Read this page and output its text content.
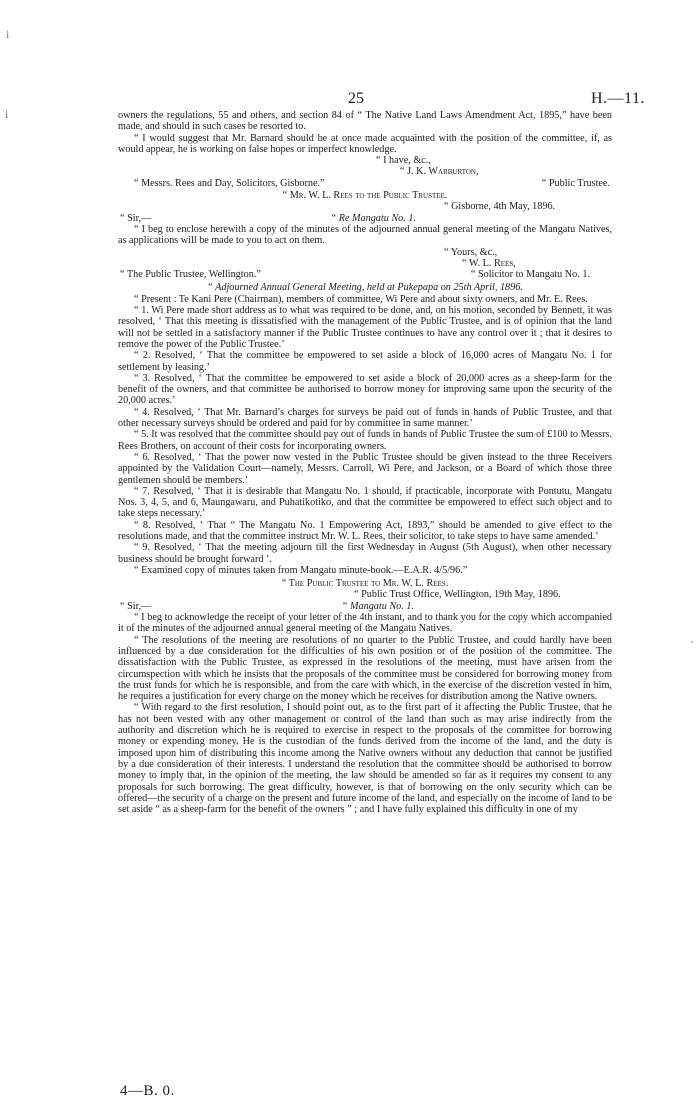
ⅰ
ⅰ
'
25	H.—11.

owners the regulations, 55 and others, and section 84 of “ The Native Land Laws Amendment Act, 1895,” have been made, and should in such cases be resorted to.

“ I would suggest that Mr. Barnard should be at once made acquainted with the position of the committee, if, as would appear, he is working on false hopes or imperfect knowledge.

“ I have, &c.,

“ J. K. Warburton,

“ Messrs. Rees and Day, Solicitors, Gisborne.”	“ Public Trustee.

“ Mr. W. L. Rees to the Public Trustee.

“ Gisborne, 4th May, 1896.

“ Sir,—	“ Re Mangatu No. 1.

“ I beg to enclose herewith a copy of the minutes of the adjourned annual general meeting of the Mangatu Natives, as applications will be made to you to act on them.

“ Yours, &c.,

“ W. L. Rees,

“ The Public Trustee, Wellington.”	“ Solicitor to Mangatu No. 1.

“ Adjourned Annual General Meeting, held at Pukepapa on 25th April, 1896.

“ Present : Te Kani Pere (Chairman), members of committee, Wi Pere and about sixty owners, and Mr. E. Rees.

“ 1. Wi Pere made short address as to what was required to be done, and, on his motion, seconded by Bennett, it was resolved, ‘ That this meeting is dissatisfied with the management of the Public Trustee, and is of opinion that the land will not be settled in a satisfactory manner if the Public Trustee continues to have any control over it ; that it desires to remove the power of the Public Trustee.’

“ 2. Resolved, ‘ That the committee be empowered to set aside a block of 16,000 acres of Mangatu No. 1 for settlement by leasing.’

“ 3. Resolved, ‘ That the committee be empowered to set aside a block of 20,000 acres as a sheep-farm for the benefit of the owners, and that committee be authorised to borrow money for improving same upon the security of the 20,000 acres.’

“ 4. Resolved, ‘ That Mr. Barnard’s charges for surveys be paid out of funds in hands of Public Trustee, and that other necessary surveys should be ordered and paid for by committee in same manner.’

“ 5. It was resolved that the committee should pay out of funds in hands of Public Trustee the sum of £100 to Messrs. Rees Brothers, on account of their costs for incorporating owners.

“ 6. Resolved, ‘ That the power now vested in the Public Trustee should be given instead to the three Receivers appointed by the Validation Court—namely, Messrs. Carroll, Wi Pere, and Jackson, or a Board of which those three gentlemen should be members.’

“ 7. Resolved, ‘ That it is desirable that Mangatu No. 1 should, if practicable, incorporate with Pontutu, Mangatu Nos. 3, 4, 5, and 6, Maungawaru, and Puhatikotiko, and that the committee be empowered to effect such object and to take steps necessary.’

“ 8. Resolved, ‘ That “ The Mangatu No. 1 Empowering Act, 1893,” should be amended to give effect to the resolutions made, and that the committee instruct Mr. W. L. Rees, their solicitor, to take steps to have same amended.’

“ 9. Resolved, ‘ That the meeting adjourn till the first Wednesday in August (5th August), when other necessary business should be brought forward ’.

“ Examined copy of minutes taken from Mangatu minute-book.—E.A.R. 4/5/96.”

“ The Public Trustee to Mr. W. L. Rees.

“ Public Trust Office, Wellington, 19th May, 1896.

“ Sir,—	“ Mangatu No. 1.

“ I beg to acknowledge the receipt of your letter of the 4th instant, and to thank you for the copy which accompanied it of the minutes of the adjourned annual general meeting of the Mangatu Natives.

“ The resolutions of the meeting are resolutions of no quarter to the Public Trustee, and could hardly have been influenced by a due consideration for the difficulties of his own position or of the position of the committee. The dissatisfaction with the Public Trustee, as expressed in the resolutions of the meeting, must have arisen from the circumspection with which he insists that the proposals of the committee must be considered for borrowing money from the trust funds for which he is responsible, and from the care with which, in the exercise of the discretion vested in him, he requires a justification for every charge on the money which he receives for distribution among the Native owners.

“ With regard to the first resolution, I should point out, as to the first part of it affecting the Public Trustee, that he has not been vested with any other management or control of the land than such as may arise indirectly from the authority and discretion which he is required to exercise in respect to the proposals of the committee for borrowing money or expending money. He is the custodian of the funds derived from the income of the land, and the duty is imposed upon him of distributing this income among the Native owners without any deduction that cannot be justified by a due consideration of their interests. I understand the resolution that the committee should be authorised to borrow money to imply that, in the opinion of the meeting, the law should be amended so far as it requires my consent to any proposals for such borrowing. The great difficulty, however, is that of borrowing on the only security which can be offered—the security of a charge on the present and future income of the land, and especially on the income of land to be set aside “ as a sheep-farm for the benefit of the owners ” ; and I have fully explained this difficulty in one of my

4—B. 0.
